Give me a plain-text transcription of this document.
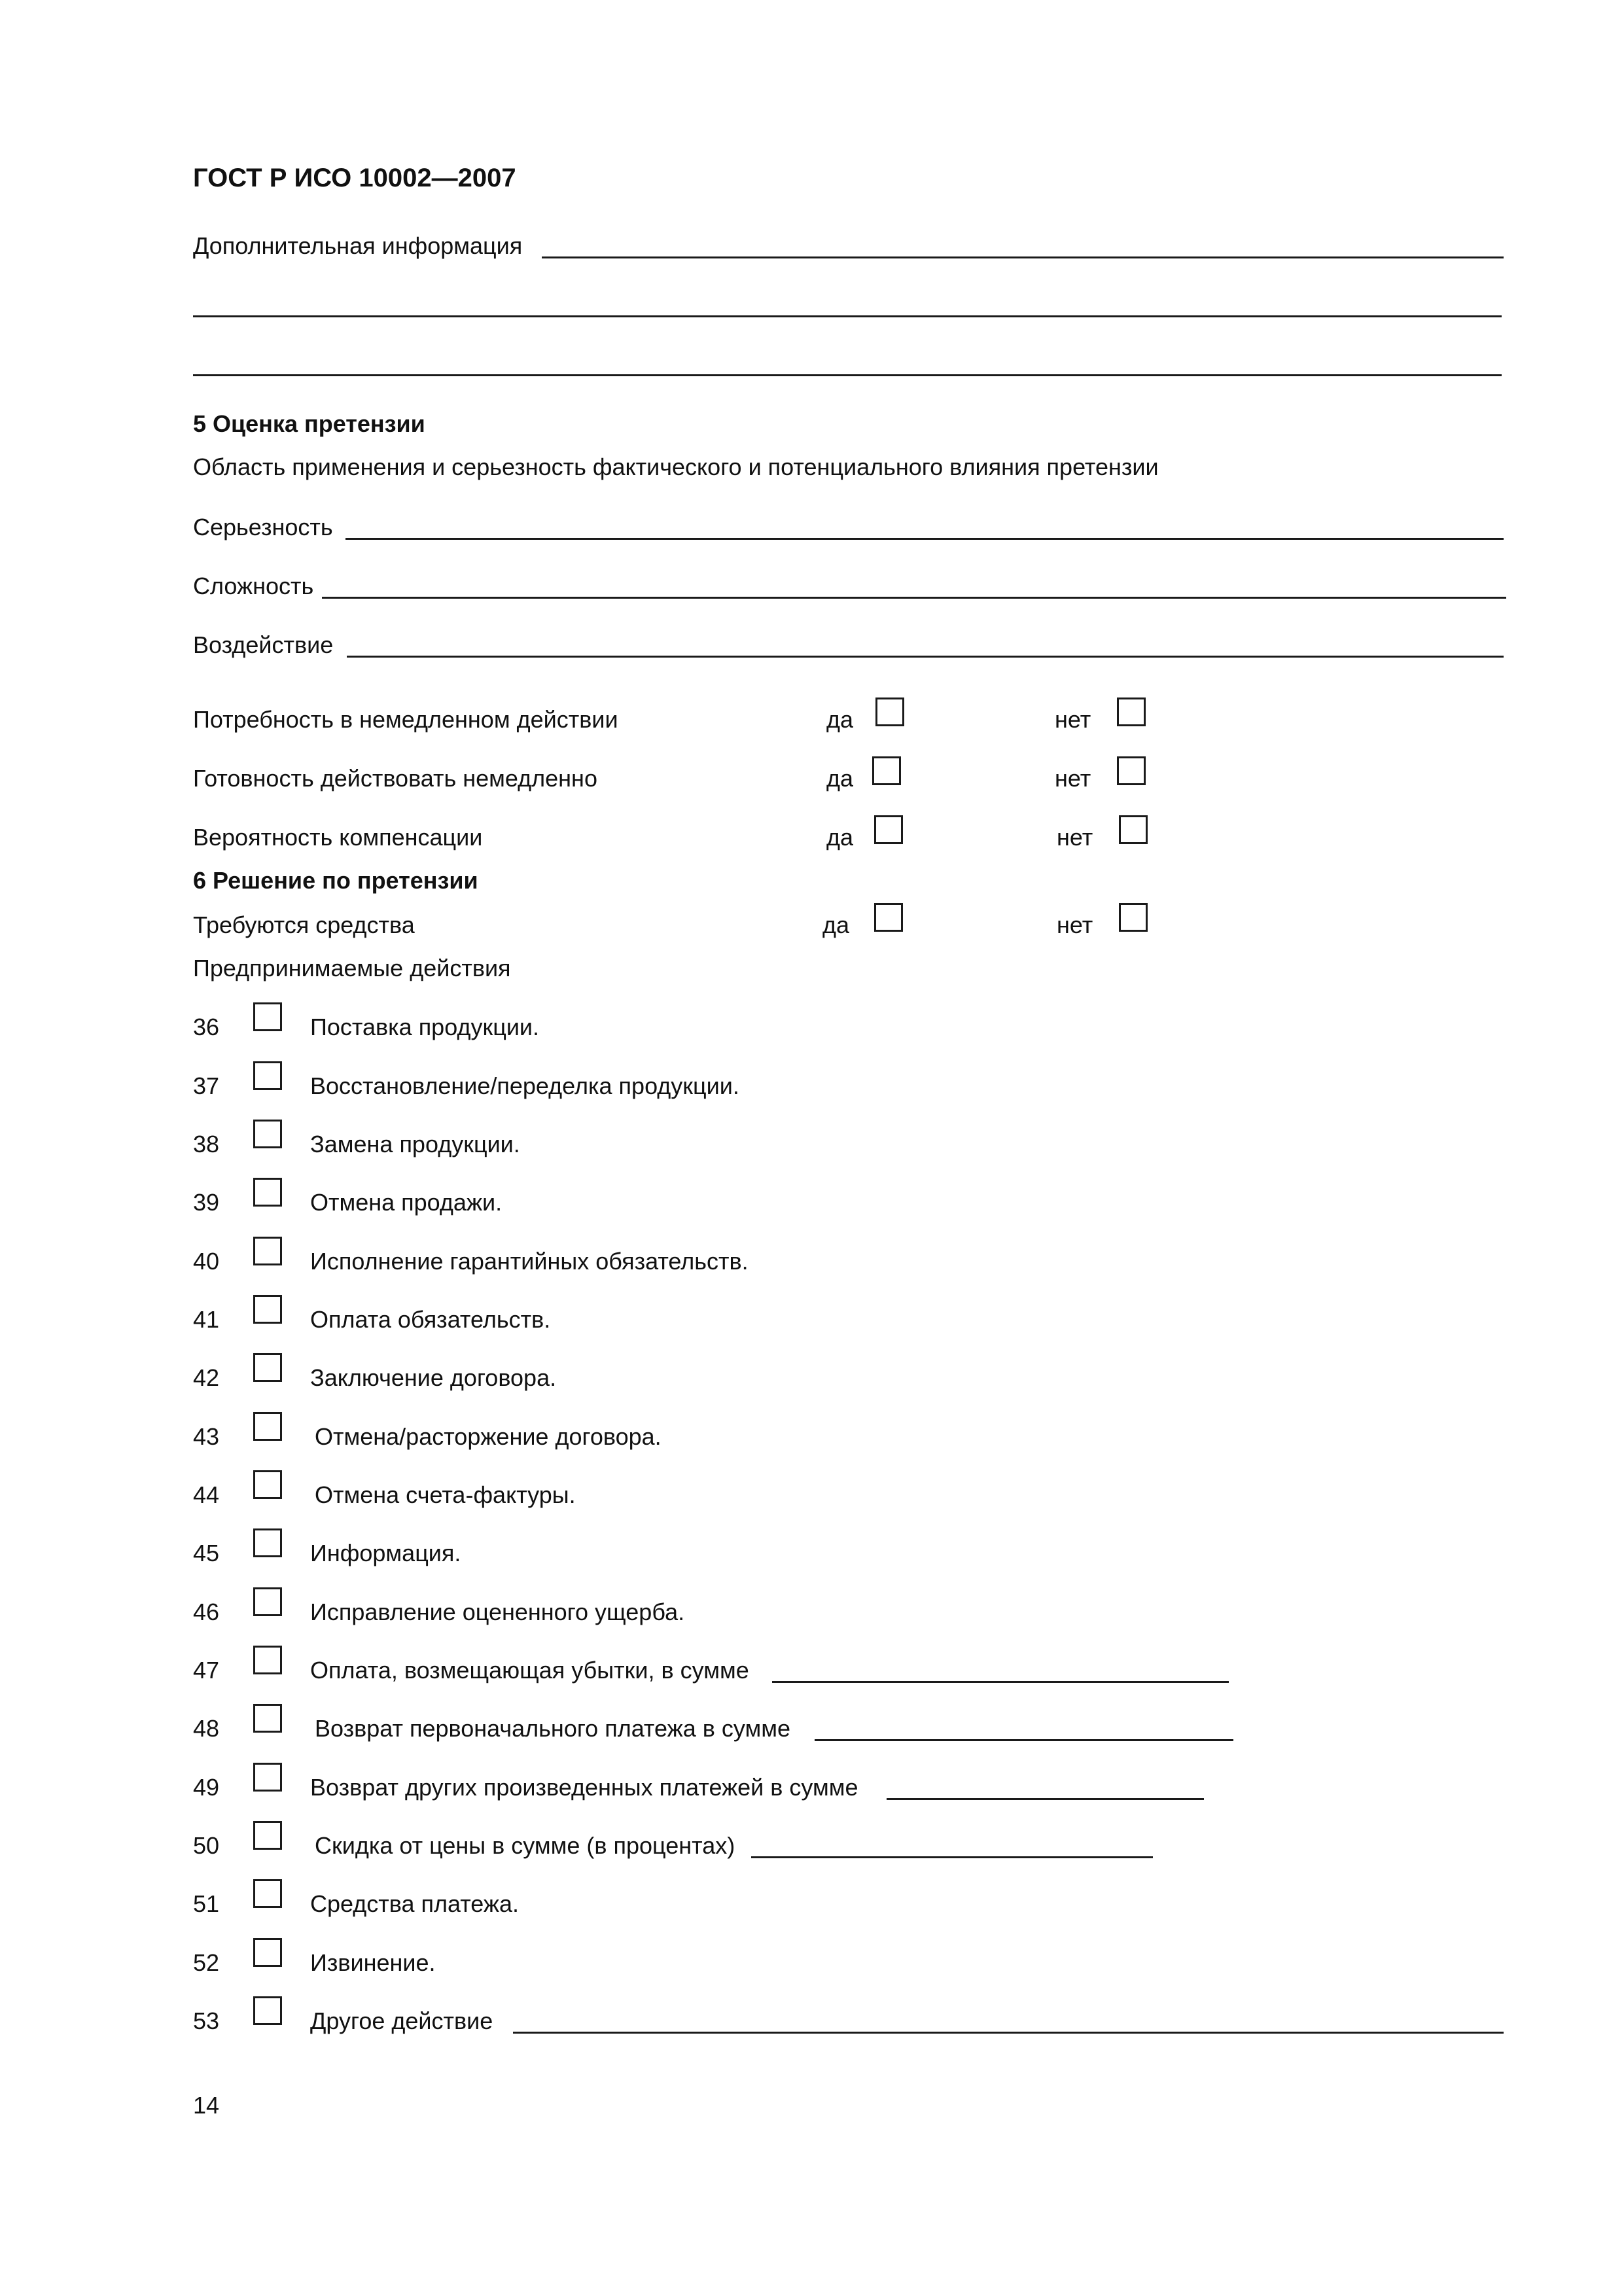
ГОСТ Р ИСО 10002—2007
Дополнительная информация
5 Оценка претензии
Область применения и серьезность фактического и потенциального влияния претензии
Серьезность
Сложность
Воздействие
Потребность в немедленном действии	да	нет
Готовность действовать немедленно	да	нет
Вероятность компенсации	да	нет
6 Решение по претензии
Требуются средства	да	нет
Предпринимаемые действия
36	Поставка продукции.
37	Восстановление/переделка продукции.
38	Замена продукции.
39	Отмена продажи.
40	Исполнение гарантийных обязательств.
41	Оплата обязательств.
42	Заключение договора.
43	Отмена/расторжение договора.
44	Отмена счета-фактуры.
45	Информация.
46	Исправление оцененного ущерба.
47	Оплата, возмещающая убытки, в сумме
48	Возврат первоначального платежа в сумме
49	Возврат других произведенных платежей в сумме
50	Скидка от цены в сумме (в процентах)
51	Средства платежа.
52	Извинение.
53	Другое действие
14
